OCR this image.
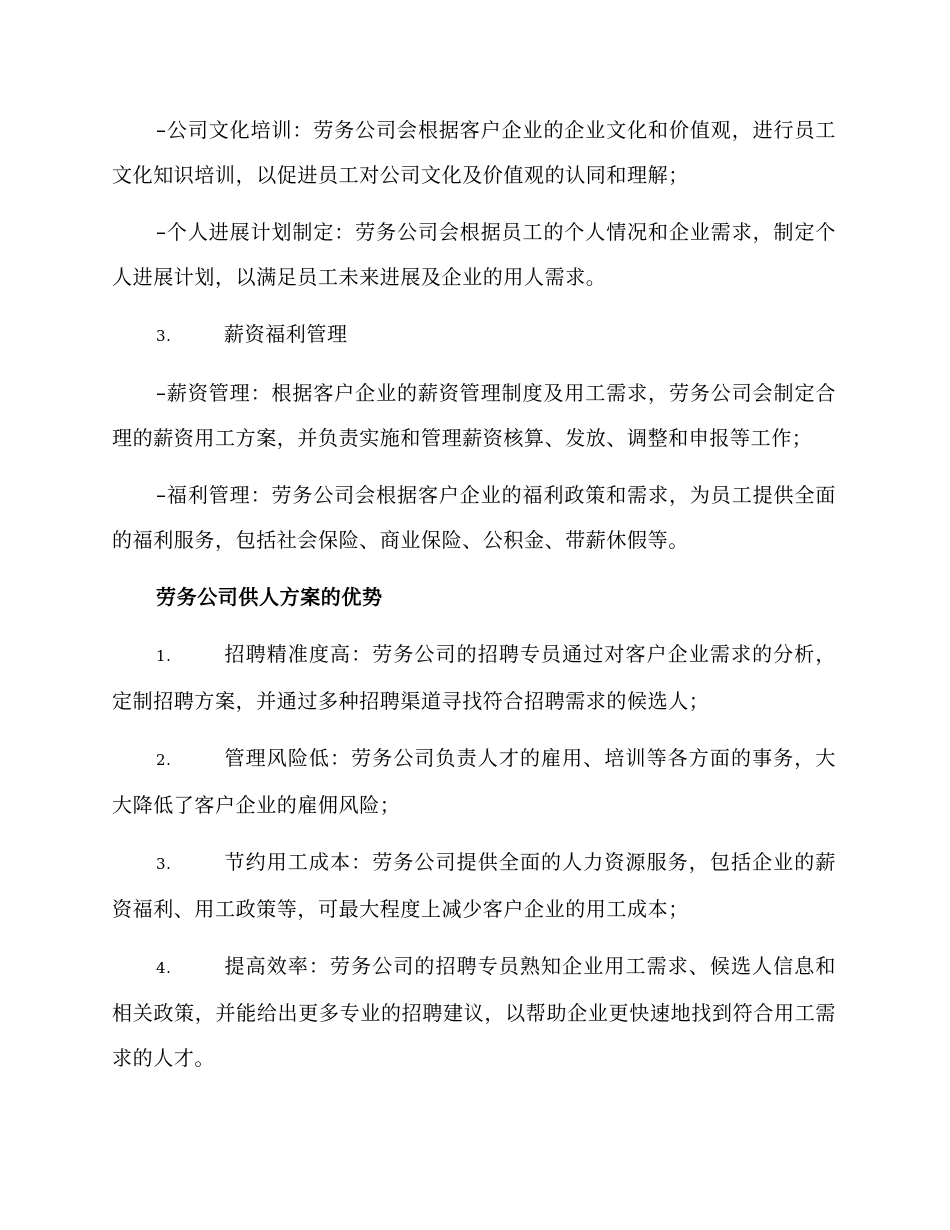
–公司文化培训：劳务公司会根据客户企业的企业文化和价值观，进行员工文化知识培训，以促进员工对公司文化及价值观的认同和理解；

–个人进展计划制定：劳务公司会根据员工的个人情况和企业需求，制定个人进展计划，以满足员工未来进展及企业的用人需求。

3.	薪资福利管理

–薪资管理：根据客户企业的薪资管理制度及用工需求，劳务公司会制定合理的薪资用工方案，并负责实施和管理薪资核算、发放、调整和申报等工作；

–福利管理：劳务公司会根据客户企业的福利政策和需求，为员工提供全面的福利服务，包括社会保险、商业保险、公积金、带薪休假等。

劳务公司供人方案的优势

1.	招聘精准度高：劳务公司的招聘专员通过对客户企业需求的分析，定制招聘方案，并通过多种招聘渠道寻找符合招聘需求的候选人；

2.	管理风险低：劳务公司负责人才的雇用、培训等各方面的事务，大大降低了客户企业的雇佣风险；

3.	节约用工成本：劳务公司提供全面的人力资源服务，包括企业的薪资福利、用工政策等，可最大程度上减少客户企业的用工成本；

4.	提高效率：劳务公司的招聘专员熟知企业用工需求、候选人信息和相关政策，并能给出更多专业的招聘建议，以帮助企业更快速地找到符合用工需求的人才。
